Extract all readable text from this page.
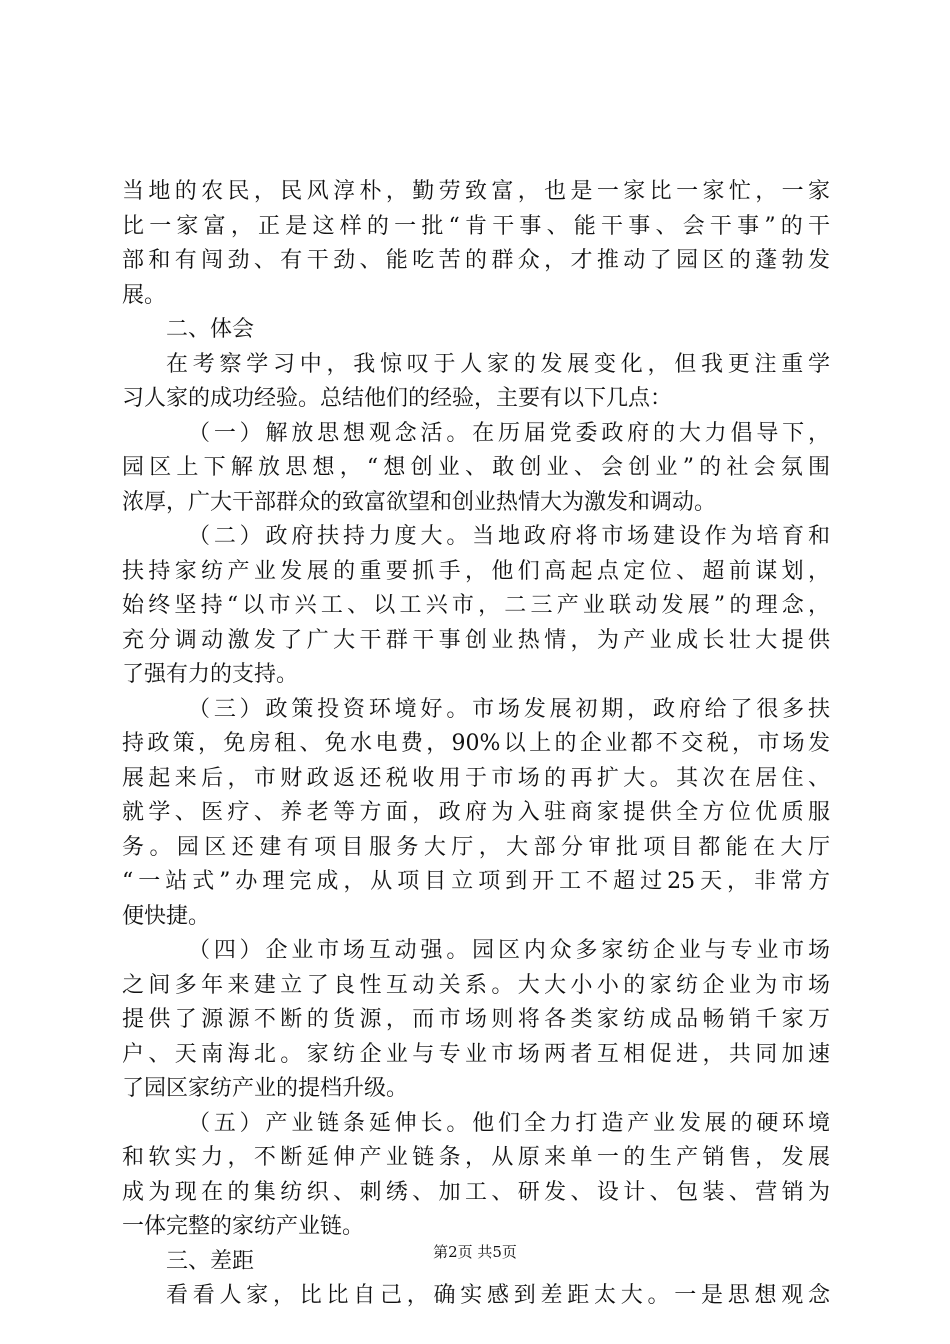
当地的农民，民风淳朴，勤劳致富，也是一家比一家忙，一家
比一家富，正是这样的一批“肯干事、能干事、会干事”的干
部和有闯劲、有干劲、能吃苦的群众，才推动了园区的蓬勃发
展。
二、体会
在考察学习中，我惊叹于人家的发展变化，但我更注重学
习人家的成功经验。总结他们的经验，主要有以下几点：
（一）解放思想观念活。在历届党委政府的大力倡导下，
园区上下解放思想，“想创业、敢创业、会创业”的社会氛围
浓厚，广大干部群众的致富欲望和创业热情大为激发和调动。
（二）政府扶持力度大。当地政府将市场建设作为培育和
扶持家纺产业发展的重要抓手，他们高起点定位、超前谋划，
始终坚持“以市兴工、以工兴市，二三产业联动发展”的理念，
充分调动激发了广大干群干事创业热情，为产业成长壮大提供
了强有力的支持。
（三）政策投资环境好。市场发展初期，政府给了很多扶
持政策，免房租、免水电费，90%以上的企业都不交税，市场发
展起来后，市财政返还税收用于市场的再扩大。其次在居住、
就学、医疗、养老等方面，政府为入驻商家提供全方位优质服
务。园区还建有项目服务大厅，大部分审批项目都能在大厅
“一站式”办理完成，从项目立项到开工不超过25天，非常方
便快捷。
（四）企业市场互动强。园区内众多家纺企业与专业市场
之间多年来建立了良性互动关系。大大小小的家纺企业为市场
提供了源源不断的货源，而市场则将各类家纺成品畅销千家万
户、天南海北。家纺企业与专业市场两者互相促进，共同加速
了园区家纺产业的提档升级。
（五）产业链条延伸长。他们全力打造产业发展的硬环境
和软实力，不断延伸产业链条，从原来单一的生产销售，发展
成为现在的集纺织、刺绣、加工、研发、设计、包装、营销为
一体完整的家纺产业链。
三、差距
看看人家，比比自己，确实感到差距太大。一是思想观念
第2页 共5页
